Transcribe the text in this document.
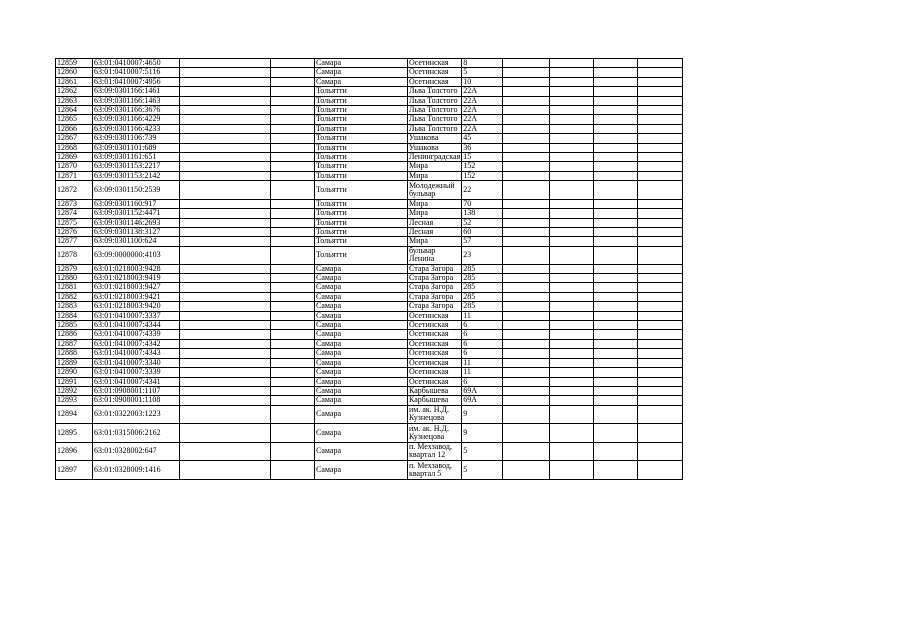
12859	63:01:0410007:4650			Самара	Осетинская	8				
12860	63:01:0410007:5116			Самара	Осетинская	5				
12861	63:01:0410007:4956			Самара	Осетинская	10				
12862	63:09:0301166:1461			Тольятти	Льва Толстого	22А				
12863	63:09:0301166:1463			Тольятти	Льва Толстого	22А				
12864	63:09:0301166:3676			Тольятти	Льва Толстого	22А				
12865	63:09:0301166:4229			Тольятти	Льва Толстого	22А				
12866	63:09:0301166:4233			Тольятти	Льва Толстого	22А				
12867	63:09:0301106:739			Тольятти	Ушакова	45				
12868	63:09:0301101:689			Тольятти	Ушакова	36				
12869	63:09:0301161:651			Тольятти	Ленинградская	15				
12870	63:09:0301153:2217			Тольятти	Мира	152				
12871	63:09:0301153:2142			Тольятти	Мира	152				
12872	63:09:0301150:2539			Тольятти	Молодежный бульвар	22				
12873	63:09:0301160:917			Тольятти	Мира	70				
12874	63:09:0301152:4471			Тольятти	Мира	138				
12875	63:09:0301146:2693			Тольятти	Лесная	52				
12876	63:09:0301138:3127			Тольятти	Лесная	60				
12877	63:09:0301100:624			Тольятти	Мира	57				
12878	63:09:0000000:4103			Тольятти	бульвар Ленина	23				
12879	63:01:0218003:9428			Самара	Стара Загора	285				
12880	63:01:0218003:9419			Самара	Стара Загора	285				
12881	63:01:0218003:9427			Самара	Стара Загора	285				
12882	63:01:0218003:9421			Самара	Стара Загора	285				
12883	63:01:0218003:9420			Самара	Стара Загора	285				
12884	63:01:0410007:3337			Самара	Осетинская	11				
12885	63:01:0410007:4344			Самара	Осетинская	6				
12886	63:01:0410007:4339			Самара	Осетинская	6				
12887	63:01:0410007:4342			Самара	Осетинская	6				
12888	63:01:0410007:4343			Самара	Осетинская	6				
12889	63:01:0410007:3340			Самара	Осетинская	11				
12890	63:01:0410007:3339			Самара	Осетинская	11				
12891	63:01:0410007:4341			Самара	Осетинская	6				
12892	63:01:0908001:1107			Самара	Карбышева	69А				
12893	63:01:0908001:1108			Самара	Карбышева	69А				
12894	63:01:0322003:1223			Самара	им. ак. Н.Д. Кузнецова	9				
12895	63:01:0315006:2162			Самара	им. ак. Н.Д. Кузнецова	9				
12896	63:01:0328002:647			Самара	п. Мехзавод, квартал 12	5				
12897	63:01:0328009:1416			Самара	п. Мехзавод, квартал 5	5				
